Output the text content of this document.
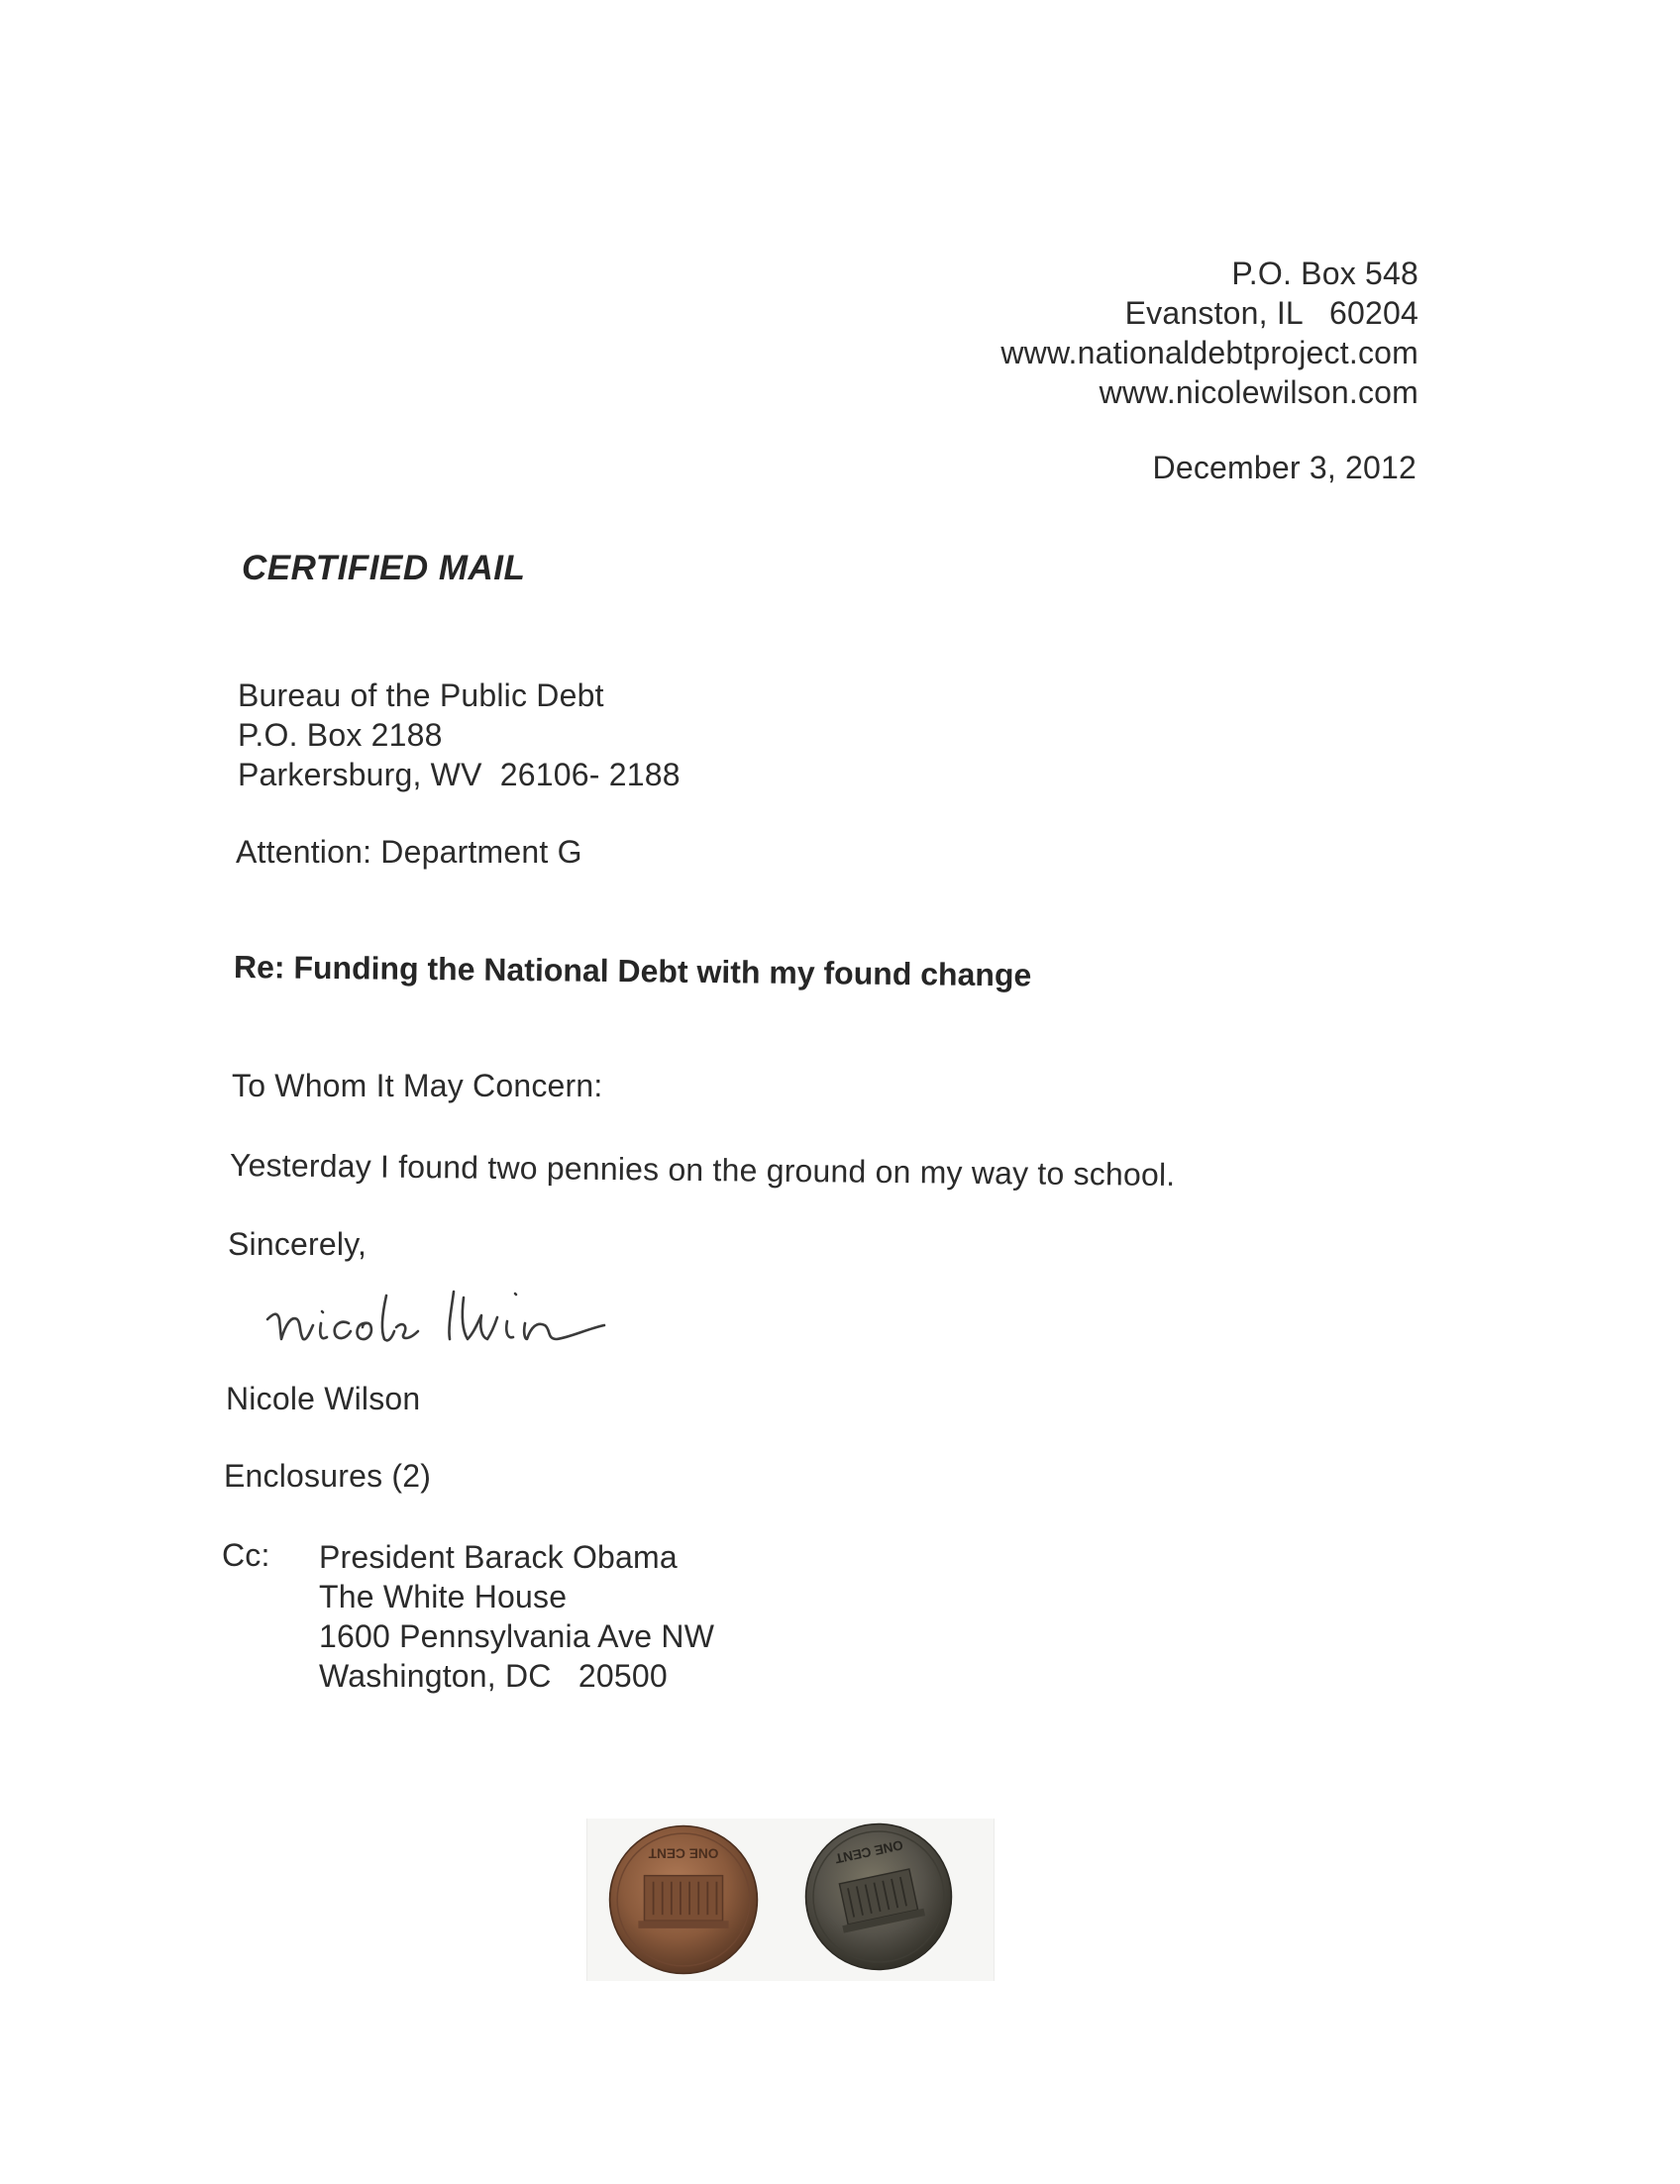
P.O. Box 548
Evanston, IL   60204
www.nationaldebtproject.com
www.nicolewilson.com
December 3, 2012
CERTIFIED MAIL
Bureau of the Public Debt
P.O. Box 2188
Parkersburg, WV  26106- 2188
Attention: Department G
Re: Funding the National Debt with my found change
To Whom It May Concern:
Yesterday I found two pennies on the ground on my way to school.
Sincerely,
Nicole Wilson
Enclosures (2)
Cc: President Barack Obama
The White House
1600 Pennsylvania Ave NW
Washington, DC   20500
ONE CENT	ONE CENT
